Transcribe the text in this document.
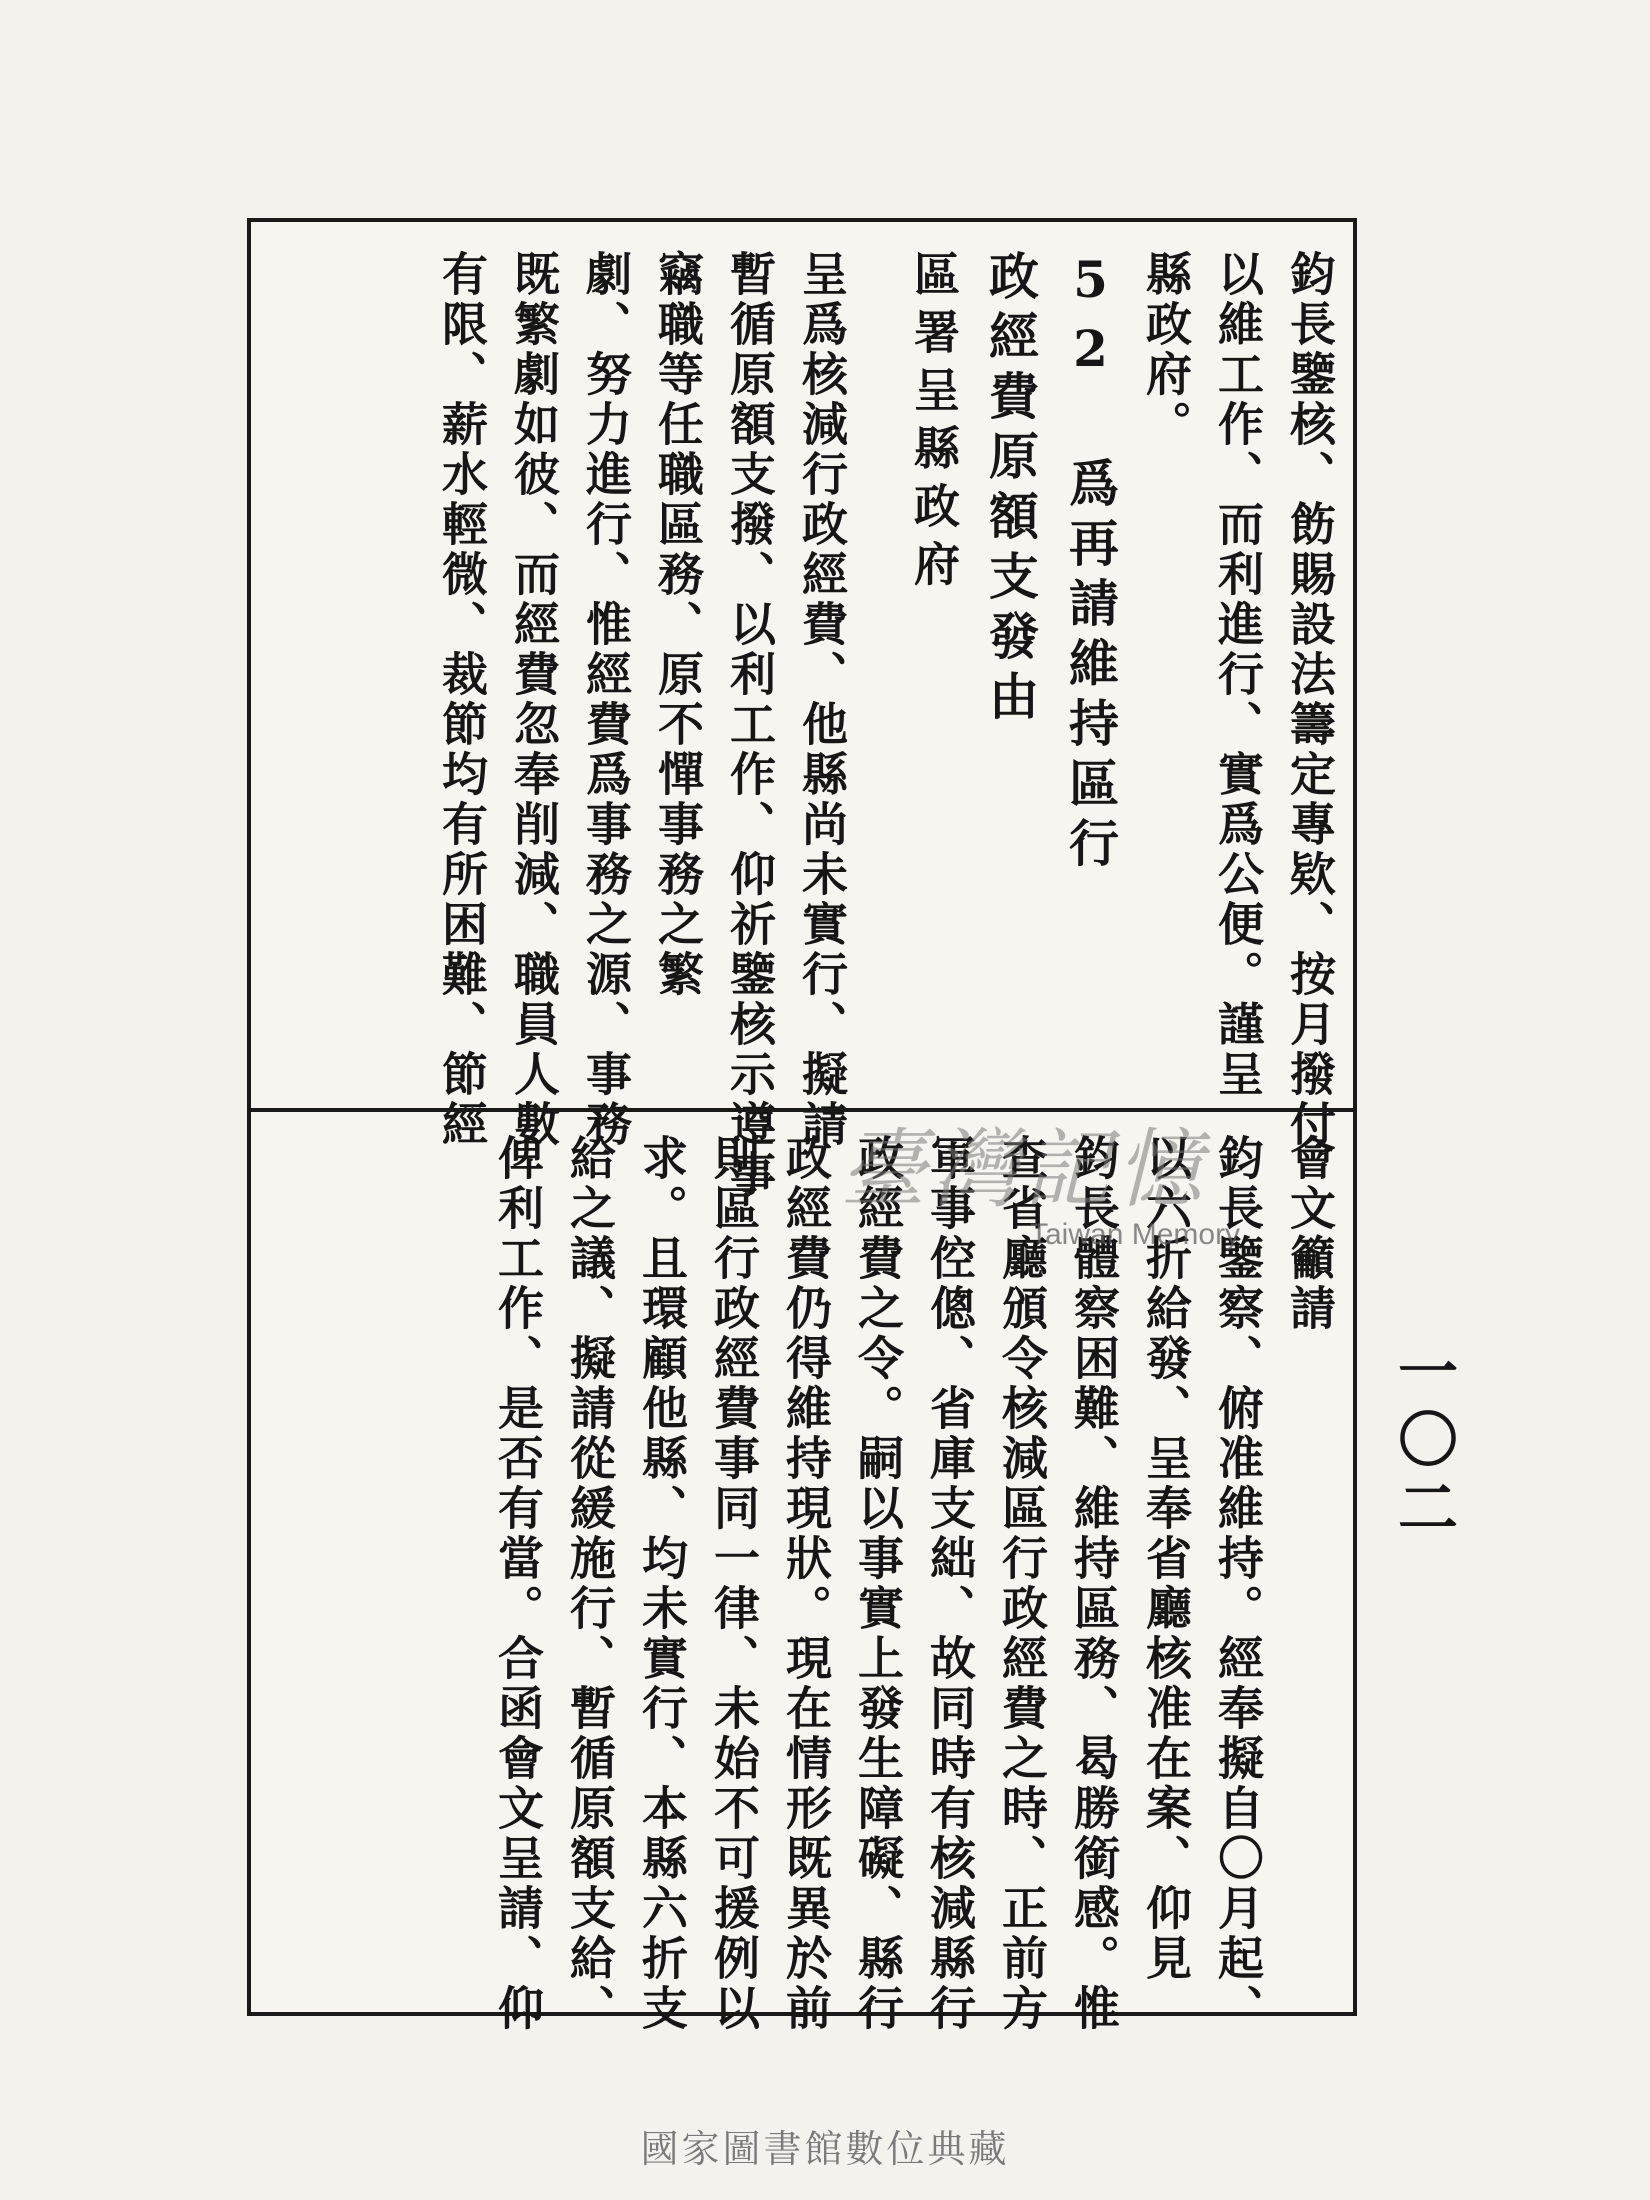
鈞長鑒核、飭賜設法籌定專欵、按月撥付
以維工作、而利進行、實爲公便。謹呈
縣政府。
52 爲再請維持區行
政經費原額支發由
區署呈縣政府
呈爲核減行政經費、他縣尚未實行、擬請
暫循原額支撥、以利工作、仰祈鑒核示遵事
竊職等任職區務、原不憚事務之繁
劇、努力進行、惟經費爲事務之源、事務
既繁劇如彼、而經費忽奉削減、職員人數
有限、薪水輕微、裁節均有所困難、節經
會文籲請
鈞長鑒察、俯准維持。經奉擬自〇月起、
以六折給發、呈奉省廳核准在案、仰見
鈞長體察困難、維持區務、曷勝銜感。惟
查省廳頒令核減區行政經費之時、正前方
軍事倥傯、省庫支絀、故同時有核減縣行
政經費之令。嗣以事實上發生障礙、縣行
政經費仍得維持現狀。現在情形既異於前
則區行政經費事同一律、未始不可援例以
求。且環顧他縣、均未實行、本縣六折支
給之議、擬請從緩施行、暫循原額支給、
俾利工作、是否有當。合函會文呈請、仰	一〇二
臺灣記憶
Taiwan Memory
國家圖書館數位典藏
